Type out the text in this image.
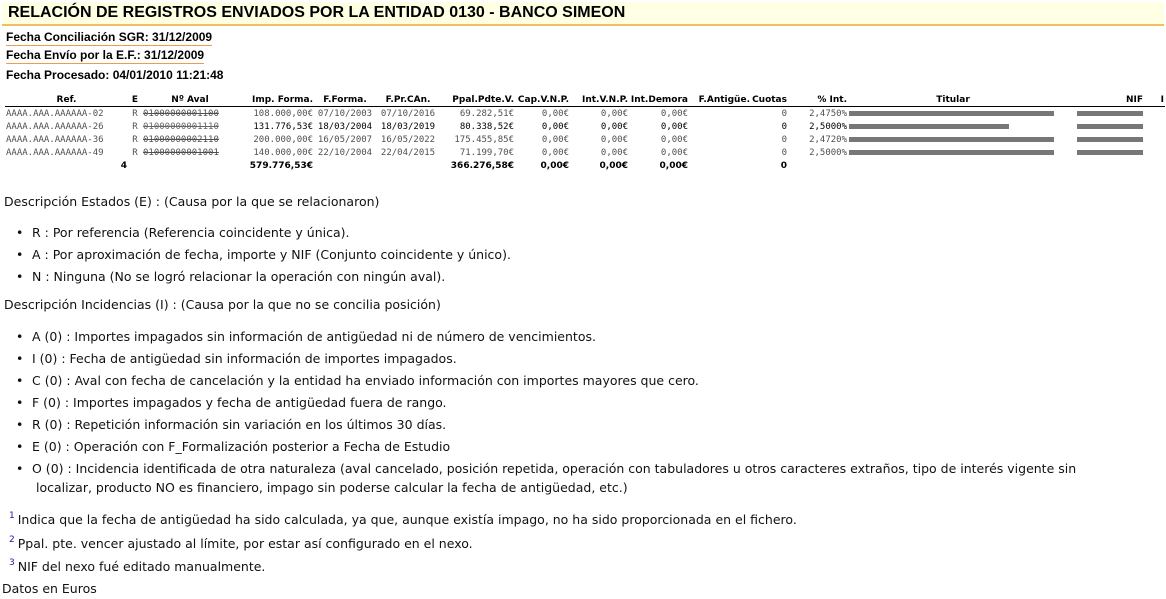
RELACIÓN DE REGISTROS ENVIADOS POR LA ENTIDAD 0130 - BANCO SIMEON
Fecha Conciliación SGR: 31/12/2009
Fecha Envío por la E.F.: 31/12/2009
Fecha Procesado: 04/01/2010 11:21:48
Ref.	E	Nº Aval	Imp. Forma.	F.Forma.	F.Pr.CAn.	Ppal.Pdte.V.	Cap.V.N.P.	Int.V.N.P.	Int.Demora	F.Antigüe.	Cuotas	% Int.	Titular	NIF	I
AAAA.AAA.AAAAAA-02	R	01000000001100	108.000,00€	07/10/2003	07/10/2016	69.282,51€	0,00€	0,00€	0,00€		0	2,4750%			
AAAA.AAA.AAAAAA-26	R	01000000001110	131.776,53€	18/03/2004	18/03/2019	80.338,52€	0,00€	0,00€	0,00€		0	2,5000%			
AAAA.AAA.AAAAAA-36	R	01000000002110	200.000,00€	16/05/2007	16/05/2022	175.455,85€	0,00€	0,00€	0,00€		0	2,4720%			
AAAA.AAA.AAAAAA-49	R	01000000001001	140.000,00€	22/10/2004	22/04/2015	71.199,70€	0,00€	0,00€	0,00€		0	2,5000%			
4			579.776,53€			366.276,58€	0,00€	0,00€	0,00€		0				
Descripción Estados (E) : (Causa por la que se relacionaron)
• R : Por referencia (Referencia coincidente y única).
• A : Por aproximación de fecha, importe y NIF (Conjunto coincidente y único).
• N : Ninguna (No se logró relacionar la operación con ningún aval).
Descripción Incidencias (I) : (Causa por la que no se concilia posición)
• A (0) : Importes impagados sin información de antigüedad ni de número de vencimientos.
• I (0) : Fecha de antigüedad sin información de importes impagados.
• C (0) : Aval con fecha de cancelación y la entidad ha enviado información con importes mayores que cero.
• F (0) : Importes impagados y fecha de antigüedad fuera de rango.
• R (0) : Repetición información sin variación en los últimos 30 días.
• E (0) : Operación con F_Formalización posterior a Fecha de Estudio
• O (0) : Incidencia identificada de otra naturaleza (aval cancelado, posición repetida, operación con tabuladores u otros caracteres extraños, tipo de interés vigente sin
localizar, producto NO es financiero, impago sin poderse calcular la fecha de antigüedad, etc.)
$^1$ Indica que la fecha de antigüedad ha sido calculada, ya que, aunque existía impago, no ha sido proporcionada en el fichero.
$^2$ Ppal. pte. vencer ajustado al límite, por estar así configurado en el nexo.
$^3$ NIF del nexo fué editado manualmente.
Datos en Euros
